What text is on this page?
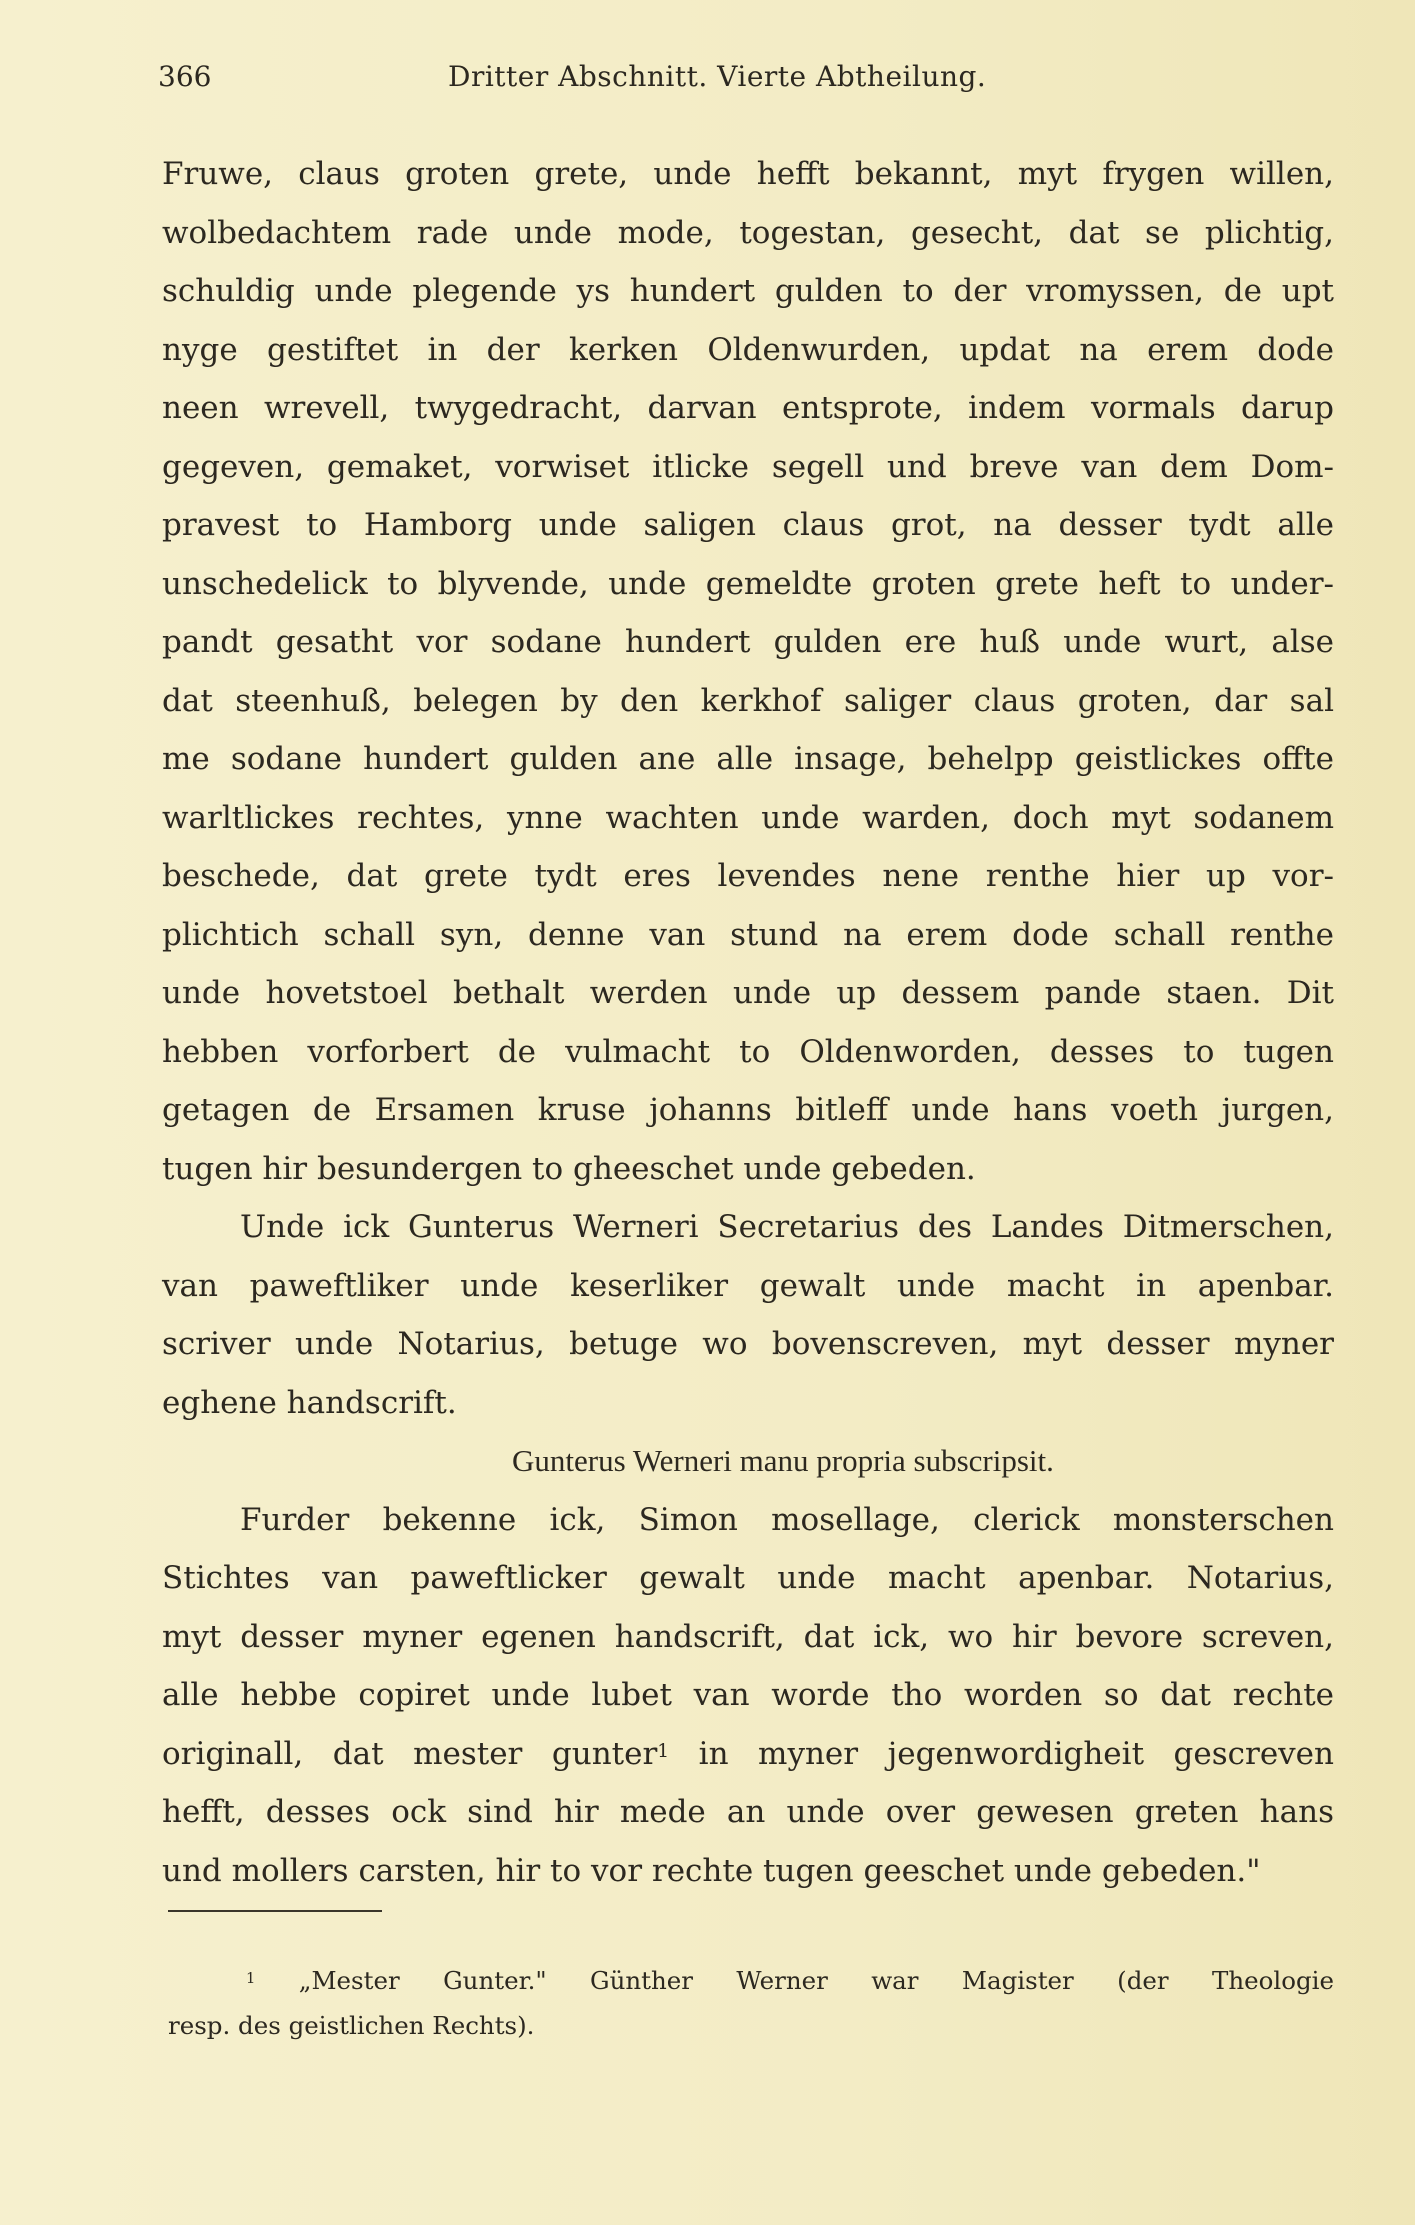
366	Dritter Abschnitt. Vierte Abtheilung.
Fruwe, claus groten grete, unde hefft bekannt, myt frygen willen,
wolbedachtem rade unde mode, togestan, gesecht, dat se plichtig,
schuldig unde plegende ys hundert gulden to der vromyssen, de upt
nyge gestiftet in der kerken Oldenwurden, updat na erem dode
neen wrevell, twygedracht, darvan entsprote, indem vormals darup
gegeven, gemaket, vorwiset itlicke segell und breve van dem Dom-
pravest to Hamborg unde saligen claus grot, na desser tydt alle
unschedelick to blyvende, unde gemeldte groten grete heft to under-
pandt gesatht vor sodane hundert gulden ere huß unde wurt, alse
dat steenhuß, belegen by den kerkhof saliger claus groten, dar sal
me sodane hundert gulden ane alle insage, behelpp geistlickes offte
warltlickes rechtes, ynne wachten unde warden, doch myt sodanem
beschede, dat grete tydt eres levendes nene renthe hier up vor-
plichtich schall syn, denne van stund na erem dode schall renthe
unde hovetstoel bethalt werden unde up dessem pande staen. Dit
hebben vorforbert de vulmacht to Oldenworden, desses to tugen
getagen de Ersamen kruse johanns bitleff unde hans voeth jurgen,
tugen hir besundergen to gheeschet unde gebeden.
Unde ick Gunterus Werneri Secretarius des Landes Ditmerschen,
van paweftliker unde keserliker gewalt unde macht in apenbar.
scriver unde Notarius, betuge wo bovenscreven, myt desser myner
eghene handscrift.
Gunterus Werneri manu propria subscripsit.
Furder bekenne ick, Simon mosellage, clerick monsterschen
Stichtes van paweftlicker gewalt unde macht apenbar. Notarius,
myt desser myner egenen handscrift, dat ick, wo hir bevore screven,
alle hebbe copiret unde lubet van worde tho worden so dat rechte
originall, dat mester gunter$^1$ in myner jegenwordigheit gescreven
hefft, desses ock sind hir mede an unde over gewesen greten hans
und mollers carsten, hir to vor rechte tugen geeschet unde gebeden."
$^1$ „Mester Gunter." Günther Werner war Magister (der Theologie
resp. des geistlichen Rechts).
